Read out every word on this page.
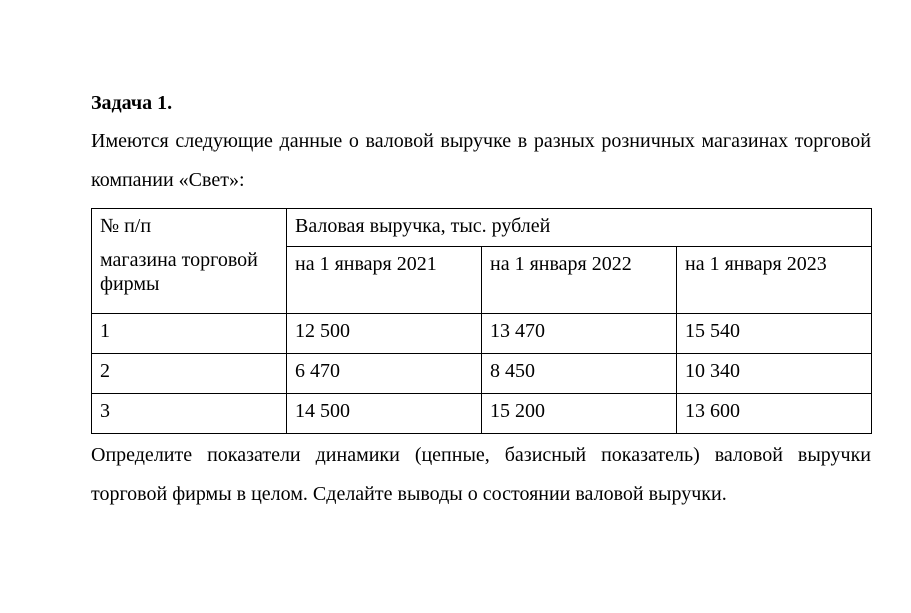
Задача 1.

Имеются следующие данные о валовой выручке в разных розничных магазинах торговой компании «Свет»:

№ п/п
магазина торговой фирмы	Валовая выручка, тыс. рублей		
	на 1 января 2021	на 1 января 2022	на 1 января 2023
1	12 500	13 470	15 540
2	6 470	8 450	10 340
3	14 500	15 200	13 600

Определите показатели динамики (цепные, базисный показатель) валовой выручки торговой фирмы в целом. Сделайте выводы о состоянии валовой выручки.
